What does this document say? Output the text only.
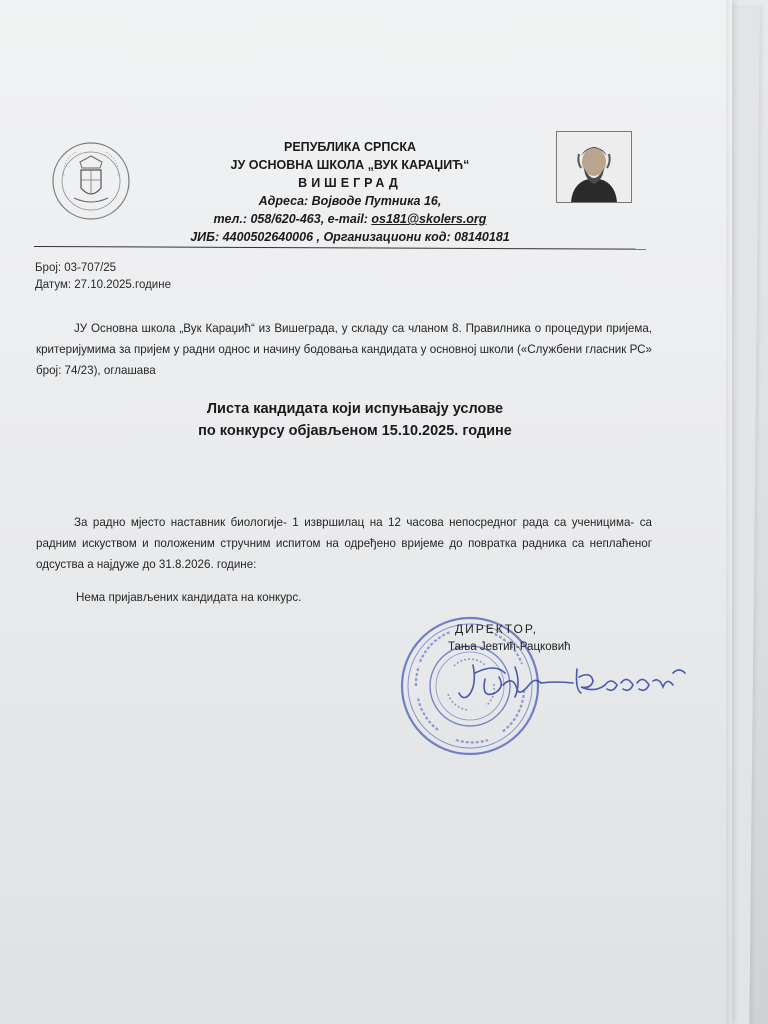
РЕПУБЛИКА СРПСКА
ЈУ ОСНОВНА ШКОЛА „ВУК КАРАЏИЋ“
ВИШЕГРАД
Адреса: Војводе Путника 16,
тел.: 058/620-463, e-mail: os181@skolers.org
ЈИБ: 4400502640006 , Организациони код: 08140181
Број: 03-707/25
Датум: 27.10.2025.године
ЈУ Основна школа „Вук Караџић“ из Вишеграда, у складу са чланом 8. Правилника о процедури пријема, критеријумима за пријем у радни однос и начину бодовања кандидата у основној школи («Службени гласник РС» број: 74/23), оглашава
Листа кандидата који испуњавају услове
по конкурсу објављеном 15.10.2025. године
За радно мјесто наставник биологије- 1 извршилац на 12 часова непосредног рада са ученицима- са радним искуством и положеним стручним испитом на одређено вријеме до повратка радника са неплаћеног одсуства а најдуже до 31.8.2026. године:
Нема пријављених кандидата на конкурс.
ДИРЕКТОР,
Тања Јевтић-Рацковић
